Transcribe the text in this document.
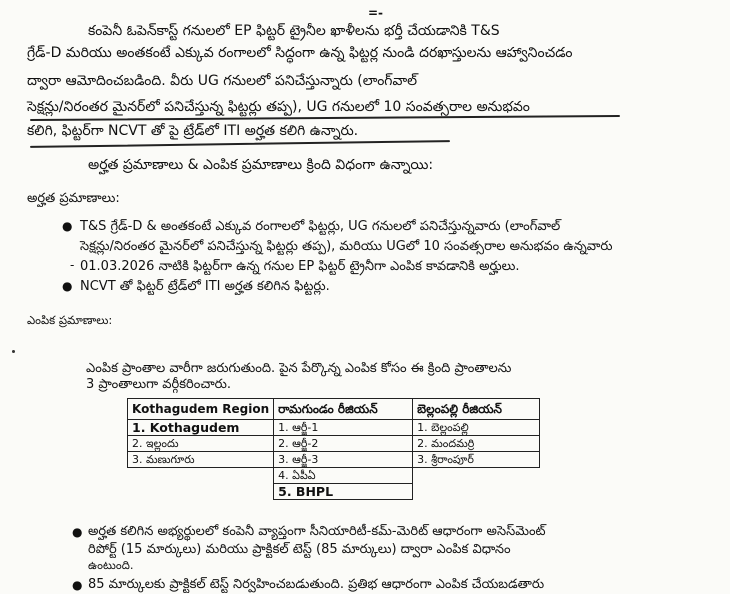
=-
కంపెనీ ఓపెన్‌కాస్ట్ గనులలో EP ఫిట్టర్ ట్రైనీల ఖాళీలను భర్తీ చేయడానికి T&S
గ్రేడ్-D మరియు అంతకంటే ఎక్కువ రంగాలలో సిద్ధంగా ఉన్న ఫిట్టర్ల నుండి దరఖాస్తులను ఆహ్వానించడం
ద్వారా ఆమోదించబడింది. వీరు UG గనులలో పనిచేస్తున్నారు (లాంగ్‌వాల్
సెక్షన్లు/నిరంతర మైనర్‌లో పనిచేస్తున్న ఫిట్టర్లు తప్ప), UG గనులలో 10 సంవత్సరాల అనుభవం
కలిగి, ఫిట్టర్‌గా NCVT తో పై ట్రేడ్‌లో ITI అర్హత కలిగి ఉన్నారు.
అర్హత ప్రమాణాలు & ఎంపిక ప్రమాణాలు క్రింది విధంగా ఉన్నాయి:
అర్హత ప్రమాణాలు:
● T&S గ్రేడ్-D & అంతకంటే ఎక్కువ రంగాలలో ఫిట్టర్లు, UG గనులలో పనిచేస్తున్నవారు (లాంగ్‌వాల్
సెక్షన్లు/నిరంతర మైనర్‌లో పనిచేస్తున్న ఫిట్టర్లు తప్ప), మరియు UGలో 10 సంవత్సరాల అనుభవం ఉన్నవారు
- 01.03.2026 నాటికి ఫిట్టర్‌గా ఉన్న గనుల EP ఫిట్టర్ ట్రైనీగా ఎంపిక కావడానికి అర్హులు.
● NCVT తో ఫిట్టర్ ట్రేడ్‌లో ITI అర్హత కలిగిన ఫిట్టర్లు.
ఎంపిక ప్రమాణాలు:
ఎంపిక ప్రాంతాల వారీగా జరుగుతుంది. పైన పేర్కొన్న ఎంపిక కోసం ఈ క్రింది ప్రాంతాలను
3 ప్రాంతాలుగా వర్గీకరించారు.
Kothagudem Region	రామగుండం రీజియన్	బెల్లంపల్లి రీజియన్
1. Kothagudem	1. ఆర్జీ-1	1. బెల్లంపల్లి
2. ఇల్లందు	2. ఆర్జీ-2	2. మందమర్రి
3. మణుగూరు	3. ఆర్జీ-3	3. శ్రీరాంపూర్
	4. ఏపీఏ	
	5. BHPL	
● అర్హత కలిగిన అభ్యర్థులలో కంపెనీ వ్యాప్తంగా సీనియారిటీ-కమ్-మెరిట్ ఆధారంగా అసెస్‌మెంట్
రిపోర్ట్ (15 మార్కులు) మరియు ప్రాక్టికల్ టెస్ట్ (85 మార్కులు) ద్వారా ఎంపిక విధానం
ఉంటుంది.
● 85 మార్కులకు ప్రాక్టికల్ టెస్ట్ నిర్వహించబడుతుంది. ప్రతిభ ఆధారంగా ఎంపిక చేయబడతారు
